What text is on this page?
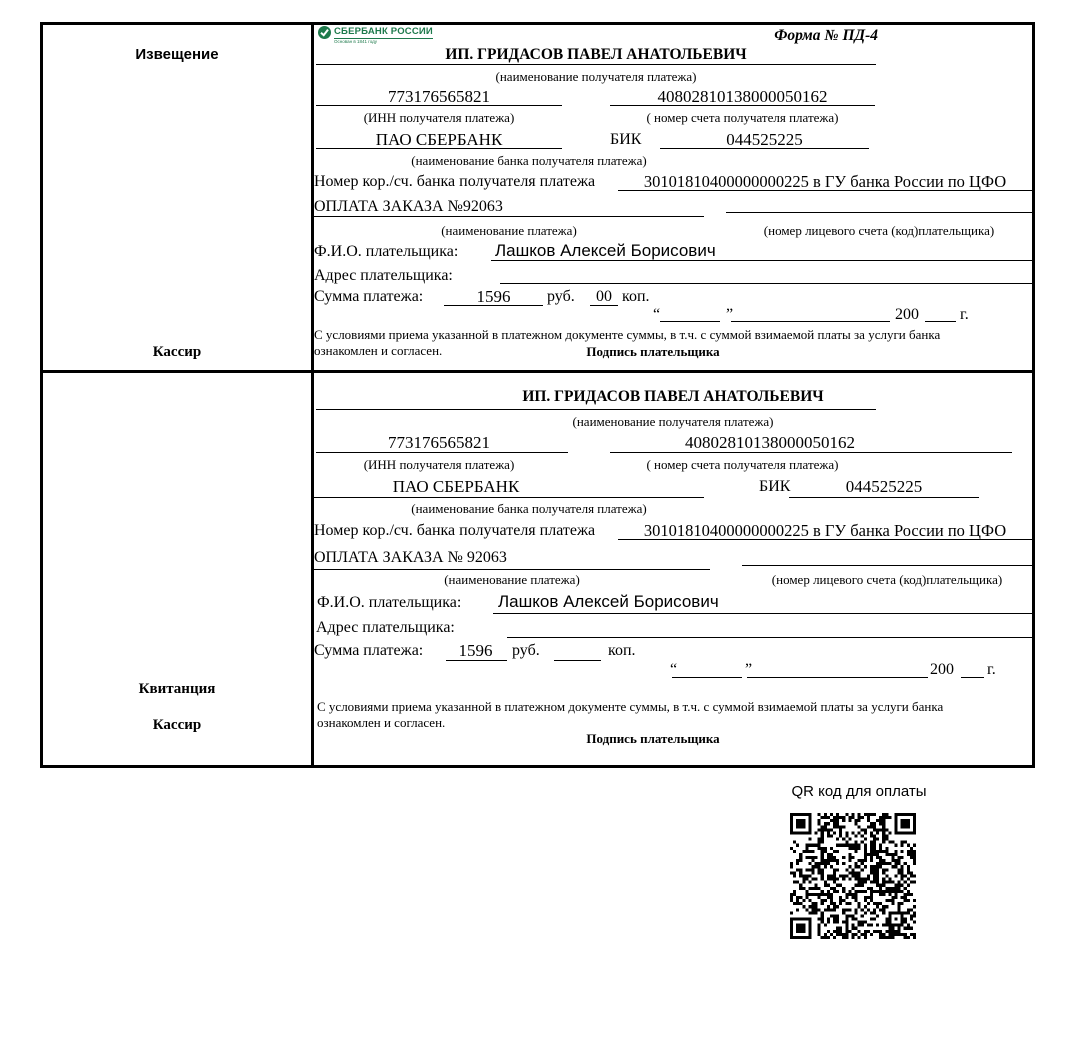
Извещение
Кассир
СБЕРБАНК РОССИИ
Основан в 1841 году	Форма № ПД-4
ИП. ГРИДАСОВ ПАВЕЛ АНАТОЛЬЕВИЧ
(наименование получателя платежа)
773176565821	40802810138000050162
(ИНН получателя платежа)	( номер счета получателя платежа)
ПАО СБЕРБАНК	БИК	044525225
(наименование банка получателя платежа)
Номер кор./сч. банка получателя платежа	30101810400000000225 в ГУ банка России по ЦФО
ОПЛАТА ЗАКАЗА №92063
(наименование платежа)	(номер лицевого счета (код)плательщика)
Ф.И.О. плательщика: Лашков Алексей Борисович
Адрес плательщика:
Сумма платежа:	1596	руб.	00 коп.
“	”	200	г.
С условиями приема указанной в платежном документе суммы, в т.ч. с суммой взимаемой платы за услуги банка
ознакомлен и согласен.	Подпись плательщика
Квитанция
Кассир
ИП. ГРИДАСОВ ПАВЕЛ АНАТОЛЬЕВИЧ
(наименование получателя платежа)
773176565821	40802810138000050162
(ИНН получателя платежа)	( номер счета получателя платежа)
ПАО СБЕРБАНК	БИК	044525225
(наименование банка получателя платежа)
Номер кор./сч. банка получателя платежа	30101810400000000225 в ГУ банка России по ЦФО
ОПЛАТА ЗАКАЗА № 92063
(наименование платежа)	(номер лицевого счета (код)плательщика)
Ф.И.О. плательщика: Лашков Алексей Борисович
Адрес плательщика:
Сумма платежа:	1596	руб.	коп.
“	”	200 г.
С условиями приема указанной в платежном документе суммы, в т.ч. с суммой взимаемой платы за услуги банка
ознакомлен и согласен.
Подпись плательщика
QR код для оплаты
